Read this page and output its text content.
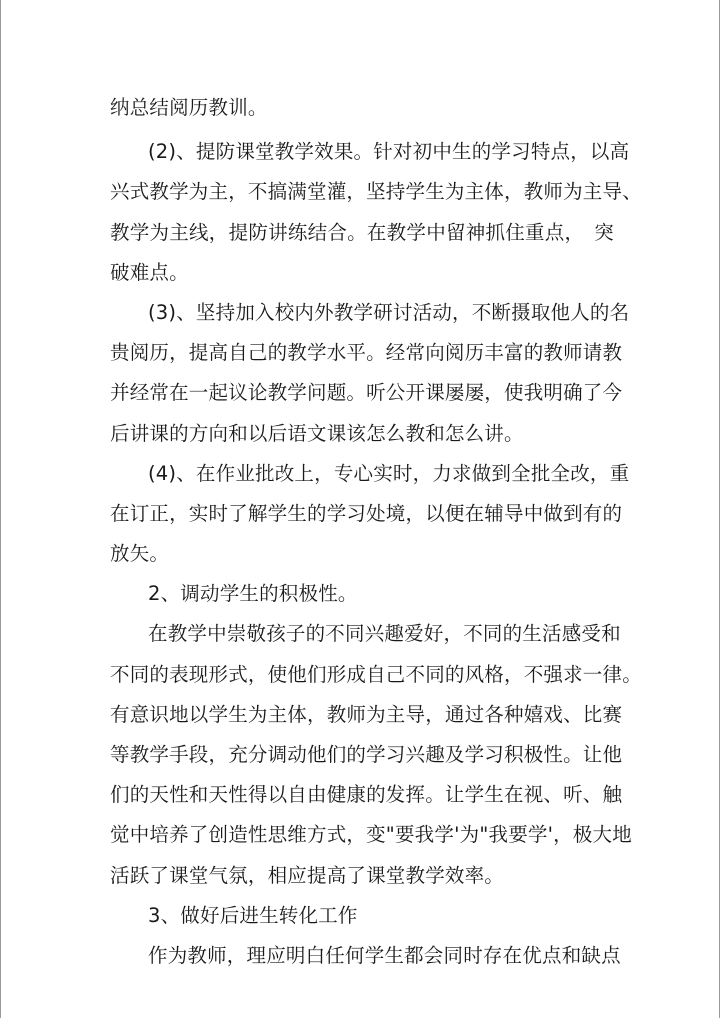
纳总结阅历教训。
(2)、提防课堂教学效果。针对初中生的学习特点，以高
兴式教学为主，不搞满堂灌，坚持学生为主体，教师为主导、
教学为主线，提防讲练结合。在教学中留神抓住重点，　突
破难点。
(3)、坚持加入校内外教学研讨活动，不断摄取他人的名
贵阅历，提高自己的教学水平。经常向阅历丰富的教师请教
并经常在一起议论教学问题。听公开课屡屡，使我明确了今
后讲课的方向和以后语文课该怎么教和怎么讲。
(4)、在作业批改上，专心实时，力求做到全批全改，重
在订正，实时了解学生的学习处境，以便在辅导中做到有的
放矢。
2、调动学生的积极性。
在教学中崇敬孩子的不同兴趣爱好，不同的生活感受和
不同的表现形式，使他们形成自己不同的风格，不强求一律。
有意识地以学生为主体，教师为主导，通过各种嬉戏、比赛
等教学手段，充分调动他们的学习兴趣及学习积极性。让他
们的天性和天性得以自由健康的发挥。让学生在视、听、触
觉中培养了创造性思维方式，变"要我学'为"我要学'，极大地
活跃了课堂气氛，相应提高了课堂教学效率。
3、做好后进生转化工作
作为教师，理应明白任何学生都会同时存在优点和缺点
